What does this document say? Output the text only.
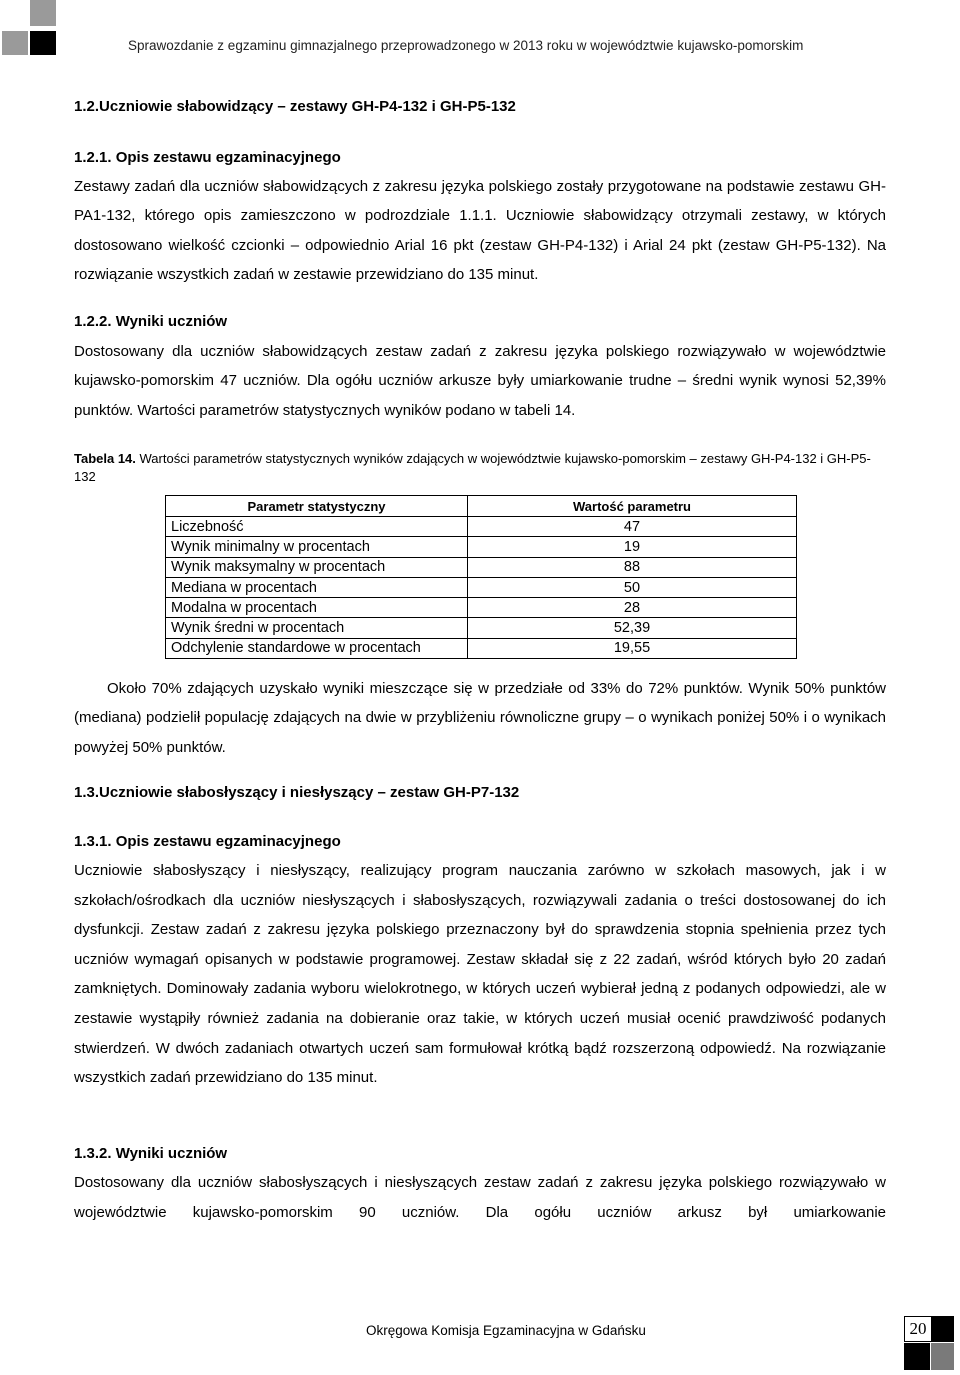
Sprawozdanie z egzaminu gimnazjalnego przeprowadzonego w 2013 roku w województwie kujawsko-pomorskim
1.2.Uczniowie słabowidzący – zestawy GH-P4-132 i GH-P5-132
1.2.1. Opis zestawu egzaminacyjnego
Zestawy zadań dla uczniów słabowidzących z zakresu języka polskiego zostały przygotowane na podstawie zestawu GH-PA1-132, którego opis zamieszczono w podrozdziale 1.1.1. Uczniowie słabowidzący otrzymali zestawy, w których dostosowano wielkość czcionki – odpowiednio Arial 16 pkt (zestaw GH-P4-132) i Arial 24 pkt (zestaw GH-P5-132). Na rozwiązanie wszystkich zadań w zestawie przewidziano do 135 minut.
1.2.2. Wyniki uczniów
Dostosowany dla uczniów słabowidzących zestaw zadań z zakresu języka polskiego rozwiązywało w województwie kujawsko-pomorskim 47 uczniów. Dla ogółu uczniów arkusze były umiarkowanie trudne – średni wynik wynosi 52,39% punktów. Wartości parametrów statystycznych wyników podano w tabeli 14.
Tabela 14. Wartości parametrów statystycznych wyników zdających w województwie kujawsko-pomorskim – zestawy GH-P4-132 i GH-P5-132
Parametr statystyczny	Wartość parametru
Liczebność	47
Wynik minimalny w procentach	19
Wynik maksymalny w procentach	88
Mediana w procentach	50
Modalna w procentach	28
Wynik średni w procentach	52,39
Odchylenie standardowe w procentach	19,55
Około 70% zdających uzyskało wyniki mieszczące się w przedziałe od 33% do 72% punktów. Wynik 50% punktów (mediana) podzielił populację zdających na dwie w przybliżeniu równoliczne grupy – o wynikach poniżej 50% i o wynikach powyżej 50% punktów.
1.3.Uczniowie słabosłyszący i niesłyszący – zestaw GH-P7-132
1.3.1. Opis zestawu egzaminacyjnego
Uczniowie słabosłyszący i niesłyszący, realizujący program nauczania zarówno w szkołach masowych, jak i w szkołach/ośrodkach dla uczniów niesłyszących i słabosłyszących, rozwiązywali zadania o treści dostosowanej do ich dysfunkcji. Zestaw zadań z zakresu języka polskiego przeznaczony był do sprawdzenia stopnia spełnienia przez tych uczniów wymagań opisanych w podstawie programowej. Zestaw składał się z 22 zadań, wśród których było 20 zadań zamkniętych. Dominowały zadania wyboru wielokrotnego, w których uczeń wybierał jedną z podanych odpowiedzi, ale w zestawie wystąpiły również zadania na dobieranie oraz takie, w których uczeń musiał ocenić prawdziwość podanych stwierdzeń. W dwóch zadaniach otwartych uczeń sam formułował krótką bądź rozszerzoną odpowiedź. Na rozwiązanie wszystkich zadań przewidziano do 135 minut.
1.3.2. Wyniki uczniów
Dostosowany dla uczniów słabosłyszących i niesłyszących zestaw zadań z zakresu języka polskiego rozwiązywało w województwie kujawsko-pomorskim 90 uczniów. Dla ogółu uczniów arkusz był umiarkowanie
Okręgowa Komisja Egzaminacyjna w Gdańsku	20
